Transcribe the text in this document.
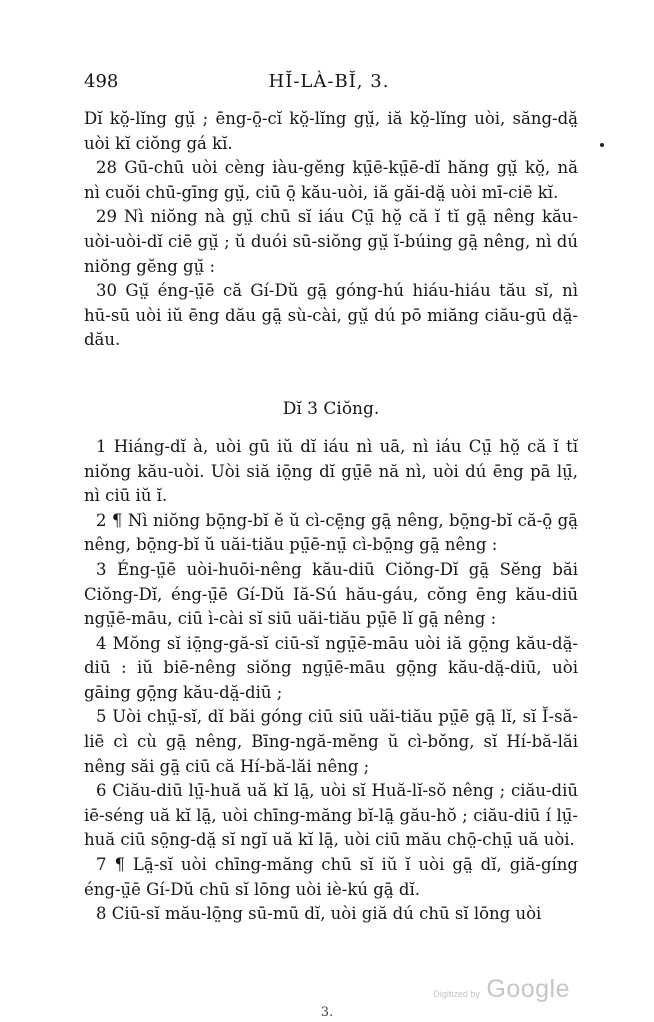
498	HĬ-LÀ-BĬ, 3.

Dĭ kŏ̤-lĭng gṳ̆ ; ēng-ō̤-cĭ kŏ̤-lĭng gṳ̆, iă kŏ̤-lĭng uòi, săng-dă̤ uòi kĭ ciŏng gá kĭ.

28 Gū-chū uòi cèng iàu-gĕng kṳ̄ē-kṳ̄ē-dĭ hăng gṳ̆ kŏ̤, nă nì cuŏi chū-gīng gṳ̆, ciū ō̤ kău-uòi, iă găi-dă̤ uòi mī-ciē kĭ.

29 Nì niŏng nà gṳ̆ chū sĭ iáu Cṳ̄ hŏ̤ că ĭ tĭ gā̤ nêng kău-uòi-uòi-dĭ ciē gṳ̆ ; ŭ duói sū-siŏng gṳ̆ ĭ-búing gā̤ nêng, nì dú niŏng gĕng gṳ̆ :

30 Gṳ̆ éng-ṳ̄ē că Gí-Dŭ gā̤ góng-hú hiáu-hiáu tău sĭ, nì hū-sū uòi iŭ ēng dău gā̤ sù-cài, gṳ̆ dú pō miăng ciău-gū dă̤-dău.

Dĭ 3 Ciŏng.

1 Hiáng-dĭ à, uòi gū iŭ dĭ iáu nì uā, nì iáu Cṳ̄ hŏ̤ că ĭ tĭ niŏng kău-uòi. Uòi siă iō̤ng dĭ gṳ̄ē nă nì, uòi dú ēng pā lṳ̄, nì ciū iŭ ĭ.

2 ¶ Nì niŏng bō̤ng-bĭ ĕ ŭ cì-cē̤ng gā̤ nêng, bō̤ng-bĭ că-ō̤ gā̤ nêng, bō̤ng-bĭ ŭ uăi-tiău pṳ̄ē-nṳ̄ cì-bō̤ng gā̤ nêng :

3 Éng-ṳ̄ē uòi-huōi-nêng kău-diū Ciŏng-Dĭ gā̤ Sĕng băi Ciŏng-Dĭ, éng-ṳ̄ē Gí-Dŭ Iă-Sú hău-gáu, cŏng ēng kău-diū ngṳ̄ē-māu, ciū ì-cài sĭ siū uăi-tiău pṳ̄ē lĭ gā̤ nêng :

4 Mŏng sĭ iō̤ng-gă-sĭ ciū-sĭ ngṳ̄ē-māu uòi iă gō̤ng kău-dă̤-diū : iŭ biē-nêng siŏng ngṳ̄ē-māu gō̤ng kău-dă̤-diū, uòi gāing gō̤ng kău-dă̤-diū ;

5 Uòi chṳ̄-sĭ, dĭ băi góng ciū siū uăi-tiău pṳ̄ē gā̤ lĭ, sĭ Ĭ-să-liē cì cù gā̤ nêng, Bīng-ngă-mĕng ŭ cì-bŏng, sĭ Hí-bă-lăi nêng săi gā̤ ciū că Hí-bă-lăi nêng ;

6 Ciău-diū lṳ̄-huă uă kĭ lā̤, uòi sĭ Huă-lĭ-sŏ nêng ; ciău-diū iē-séng uă kĭ lā̤, uòi chīng-măng bĭ-lā̤ gău-hŏ ; ciău-diū í lṳ̄-huă ciū sō̤ng-dă̤ sĭ ngĭ uă kĭ lā̤, uòi ciū mău chō̤-chṳ̄ uă uòi.

7 ¶ Lā̤-sĭ uòi chīng-măng chū sĭ iŭ ĭ uòi gā̤ dĭ, giă-gíng éng-ṳ̄ē Gí-Dŭ chū sĭ lōng uòi iè-kú gā̤ dĭ.

8 Ciū-sĭ mău-lō̤ng sū-mū dĭ, uòi giă dú chū sĭ lōng uòi

Digitized by Google
3.
